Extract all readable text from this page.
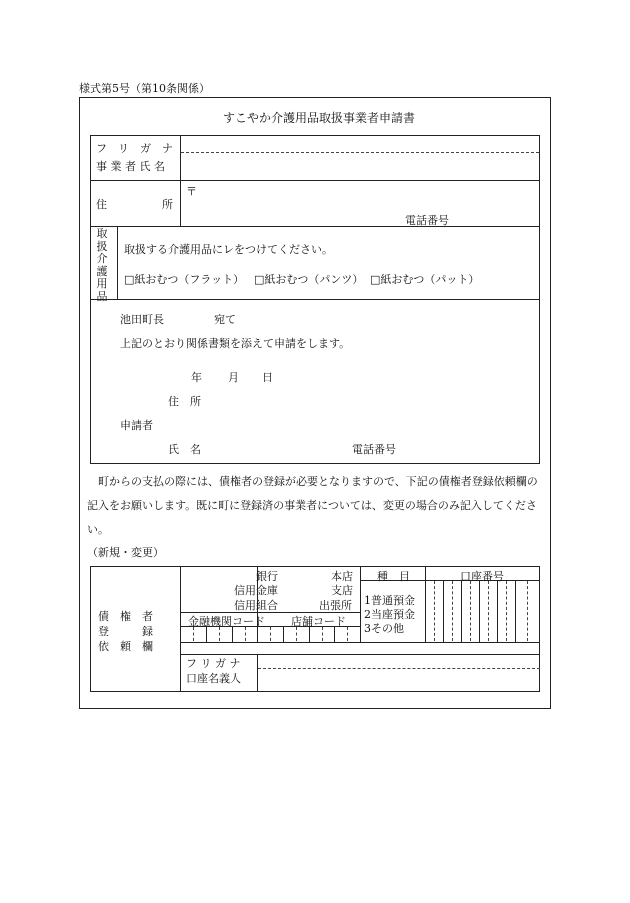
様式第5号（第10条関係）
すこやか介護用品取扱事業者申請書
フ　リ　ガ　ナ
事 業 者 氏 名
住　　　　　所
〒
電話番号
取扱介護用品
取扱する介護用品にレをつけてください。
□紙おむつ（フラット） □紙おむつ（パンツ） □紙おむつ（パット）
池田町長	宛て
上記のとおり関係書類を添えて申請をします。
年 月 日
住　所
申請者
氏　名	電話番号
町からの支払の際には、債権者の登録が必要となりますので、下記の債権者登録依頼欄の記入をお願いします。既に町に登録済の事業者については、変更の場合のみ記入してください。
（新規・変更）
債　権　者
登　　　録
依　頼　欄
銀行
信用金庫
信用組合
本店
支店
出張所
金融機関コード 店舗コード
種　目
1普通預金
2当座預金
3その他
口座番号
フ リ ガ ナ
口座名義人
